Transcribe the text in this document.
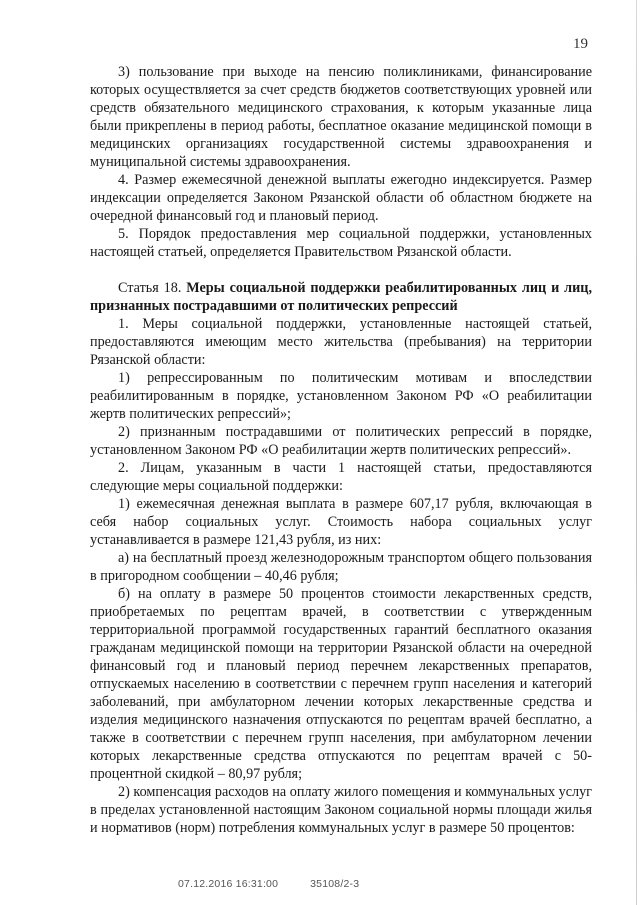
19

3) пользование при выходе на пенсию поликлиниками, финансирование которых осуществляется за счет средств бюджетов соответствующих уровней или средств обязательного медицинского страхования, к которым указанные лица были прикреплены в период работы, бесплатное оказание медицинской помощи в медицинских организациях государственной системы здравоохранения и муниципальной системы здравоохранения.

4. Размер ежемесячной денежной выплаты ежегодно индексируется. Размер индексации определяется Законом Рязанской области об областном бюджете на очередной финансовый год и плановый период.

5. Порядок предоставления мер социальной поддержки, установленных настоящей статьей, определяется Правительством Рязанской области.

Статья 18. Меры социальной поддержки реабилитированных лиц и лиц, признанных пострадавшими от политических репрессий

1. Меры социальной поддержки, установленные настоящей статьей, предоставляются имеющим место жительства (пребывания) на территории Рязанской области:

1) репрессированным по политическим мотивам и впоследствии реабилитированным в порядке, установленном Законом РФ «О реабилитации жертв политических репрессий»;

2) признанным пострадавшими от политических репрессий в порядке, установленном Законом РФ «О реабилитации жертв политических репрессий».

2. Лицам, указанным в части 1 настоящей статьи, предоставляются следующие меры социальной поддержки:

1) ежемесячная денежная выплата в размере 607,17 рубля, включающая в себя набор социальных услуг. Стоимость набора социальных услуг устанавливается в размере 121,43 рубля, из них:

а) на бесплатный проезд железнодорожным транспортом общего пользования в пригородном сообщении – 40,46 рубля;

б) на оплату в размере 50 процентов стоимости лекарственных средств, приобретаемых по рецептам врачей, в соответствии с утвержденным территориальной программой государственных гарантий бесплатного оказания гражданам медицинской помощи на территории Рязанской области на очередной финансовый год и плановый период перечнем лекарственных препаратов, отпускаемых населению в соответствии с перечнем групп населения и категорий заболеваний, при амбулаторном лечении которых лекарственные средства и изделия медицинского назначения отпускаются по рецептам врачей бесплатно, а также в соответствии с перечнем групп населения, при амбулаторном лечении которых лекарственные средства отпускаются по рецептам врачей с 50-процентной скидкой – 80,97 рубля;

2) компенсация расходов на оплату жилого помещения и коммунальных услуг в пределах установленной настоящим Законом социальной нормы площади жилья и нормативов (норм) потребления коммунальных услуг в размере 50 процентов:

07.12.2016 16:31:00	35108/2-3
